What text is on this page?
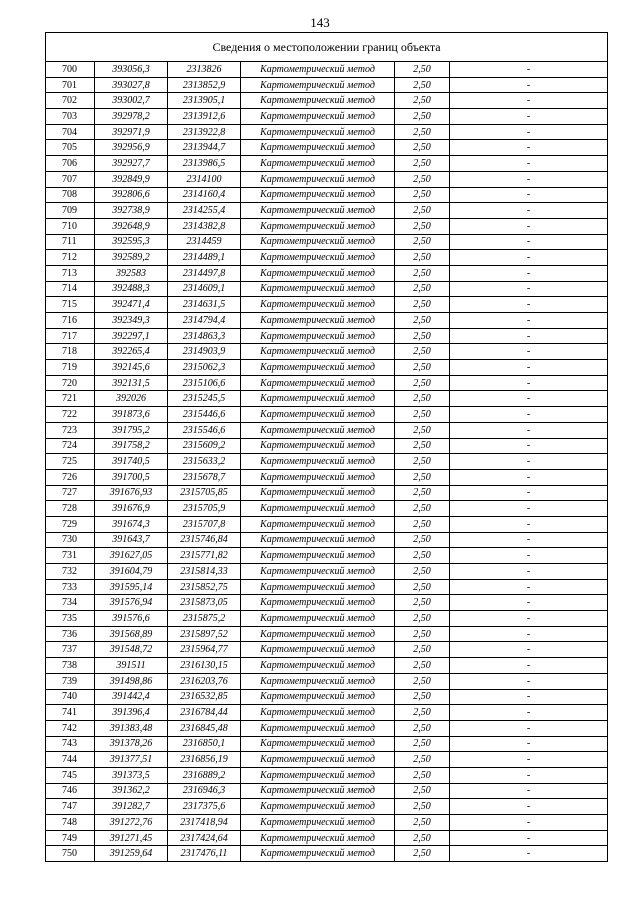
143
Сведения о местоположении границ объекта					
700	393056,3	2313826	Картометрический метод	2,50	-
701	393027,8	2313852,9	Картометрический метод	2,50	-
702	393002,7	2313905,1	Картометрический метод	2,50	-
703	392978,2	2313912,6	Картометрический метод	2,50	-
704	392971,9	2313922,8	Картометрический метод	2,50	-
705	392956,9	2313944,7	Картометрический метод	2,50	-
706	392927,7	2313986,5	Картометрический метод	2,50	-
707	392849,9	2314100	Картометрический метод	2,50	-
708	392806,6	2314160,4	Картометрический метод	2,50	-
709	392738,9	2314255,4	Картометрический метод	2,50	-
710	392648,9	2314382,8	Картометрический метод	2,50	-
711	392595,3	2314459	Картометрический метод	2,50	-
712	392589,2	2314489,1	Картометрический метод	2,50	-
713	392583	2314497,8	Картометрический метод	2,50	-
714	392488,3	2314609,1	Картометрический метод	2,50	-
715	392471,4	2314631,5	Картометрический метод	2,50	-
716	392349,3	2314794,4	Картометрический метод	2,50	-
717	392297,1	2314863,3	Картометрический метод	2,50	-
718	392265,4	2314903,9	Картометрический метод	2,50	-
719	392145,6	2315062,3	Картометрический метод	2,50	-
720	392131,5	2315106,6	Картометрический метод	2,50	-
721	392026	2315245,5	Картометрический метод	2,50	-
722	391873,6	2315446,6	Картометрический метод	2,50	-
723	391795,2	2315546,6	Картометрический метод	2,50	-
724	391758,2	2315609,2	Картометрический метод	2,50	-
725	391740,5	2315633,2	Картометрический метод	2,50	-
726	391700,5	2315678,7	Картометрический метод	2,50	-
727	391676,93	2315705,85	Картометрический метод	2,50	-
728	391676,9	2315705,9	Картометрический метод	2,50	-
729	391674,3	2315707,8	Картометрический метод	2,50	-
730	391643,7	2315746,84	Картометрический метод	2,50	-
731	391627,05	2315771,82	Картометрический метод	2,50	-
732	391604,79	2315814,33	Картометрический метод	2,50	-
733	391595,14	2315852,75	Картометрический метод	2,50	-
734	391576,94	2315873,05	Картометрический метод	2,50	-
735	391576,6	2315875,2	Картометрический метод	2,50	-
736	391568,89	2315897,52	Картометрический метод	2,50	-
737	391548,72	2315964,77	Картометрический метод	2,50	-
738	391511	2316130,15	Картометрический метод	2,50	-
739	391498,86	2316203,76	Картометрический метод	2,50	-
740	391442,4	2316532,85	Картометрический метод	2,50	-
741	391396,4	2316784,44	Картометрический метод	2,50	-
742	391383,48	2316845,48	Картометрический метод	2,50	-
743	391378,26	2316850,1	Картометрический метод	2,50	-
744	391377,51	2316856,19	Картометрический метод	2,50	-
745	391373,5	2316889,2	Картометрический метод	2,50	-
746	391362,2	2316946,3	Картометрический метод	2,50	-
747	391282,7	2317375,6	Картометрический метод	2,50	-
748	391272,76	2317418,94	Картометрический метод	2,50	-
749	391271,45	2317424,64	Картометрический метод	2,50	-
750	391259,64	2317476,11	Картометрический метод	2,50	-
